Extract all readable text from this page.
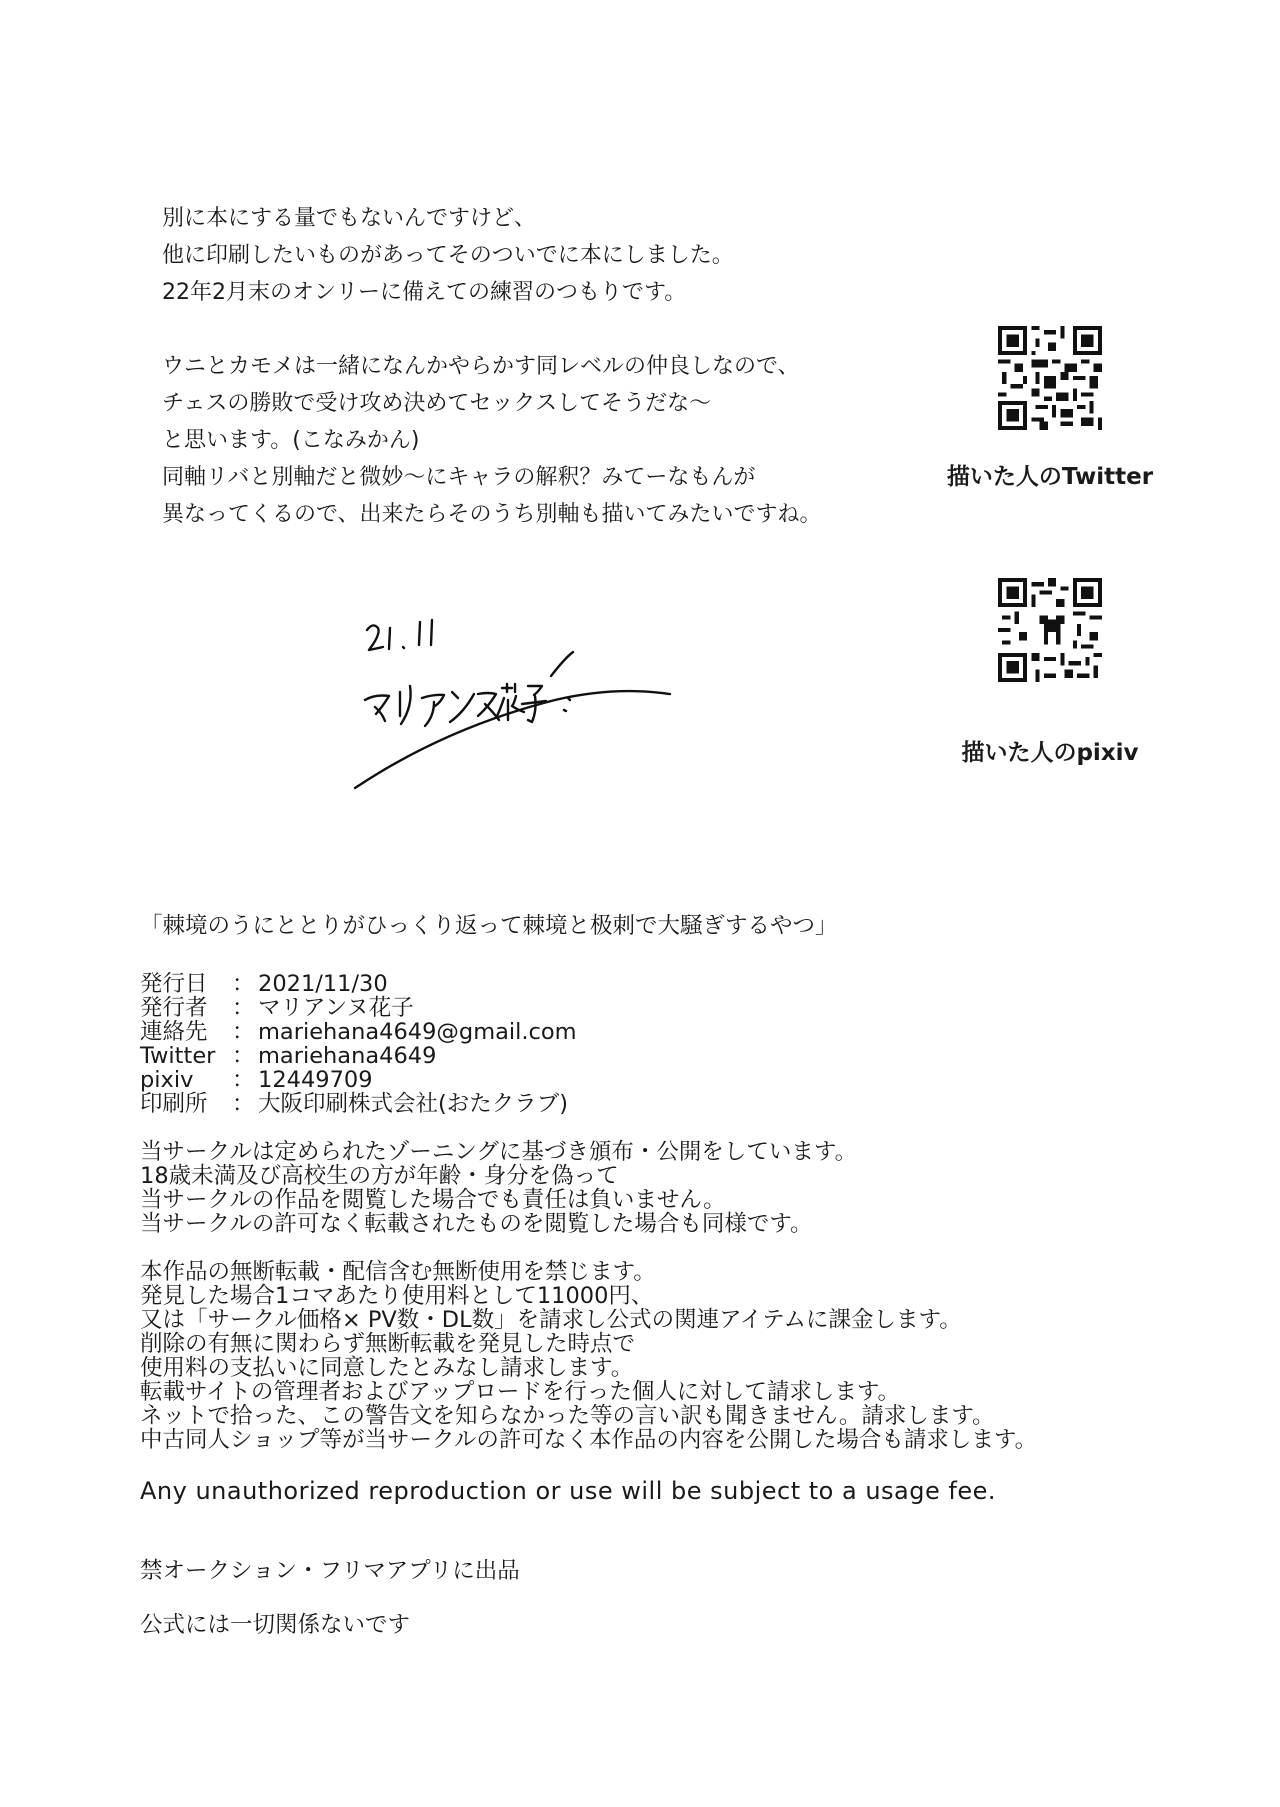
別に本にする量でもないんですけど、

他に印刷したいものがあってそのついでに本にしました。

22年2月末のオンリーに備えての練習のつもりです。

ウニとカモメは一緒になんかやらかす同レベルの仲良しなので、

チェスの勝敗で受け攻め決めてセックスしてそうだな～

と思います。(こなみかん)

同軸リバと別軸だと微妙～にキャラの解釈？みてーなもんが

異なってくるので、出来たらそのうち別軸も描いてみたいですね。

描いた人のTwitter
描いた人のpixiv

「棘境のうにととりがひっくり返って棘境と极刺で大騒ぎするやつ」

発行日	：	2021/11/30
発行者	：	マリアンヌ花子
連絡先	：	mariehana4649@gmail.com
Twitter	：	mariehana4649
pixiv	：	12449709
印刷所	：	大阪印刷株式会社(おたクラブ)

当サークルは定められたゾーニングに基づき頒布・公開をしています。

18歳未満及び高校生の方が年齢・身分を偽って

当サークルの作品を閲覧した場合でも責任は負いません。

当サークルの許可なく転載されたものを閲覧した場合も同様です。

本作品の無断転載・配信含む無断使用を禁じます。

発見した場合1コマあたり使用料として11000円、

又は「サークル価格× PV数・DL数」を請求し公式の関連アイテムに課金します。

削除の有無に関わらず無断転載を発見した時点で

使用料の支払いに同意したとみなし請求します。

転載サイトの管理者およびアップロードを行った個人に対して請求します。

ネットで拾った、この警告文を知らなかった等の言い訳も聞きません。請求します。

中古同人ショップ等が当サークルの許可なく本作品の内容を公開した場合も請求します。

Any unauthorized reproduction or use will be subject to a usage fee.

禁オークション・フリマアプリに出品

公式には一切関係ないです
